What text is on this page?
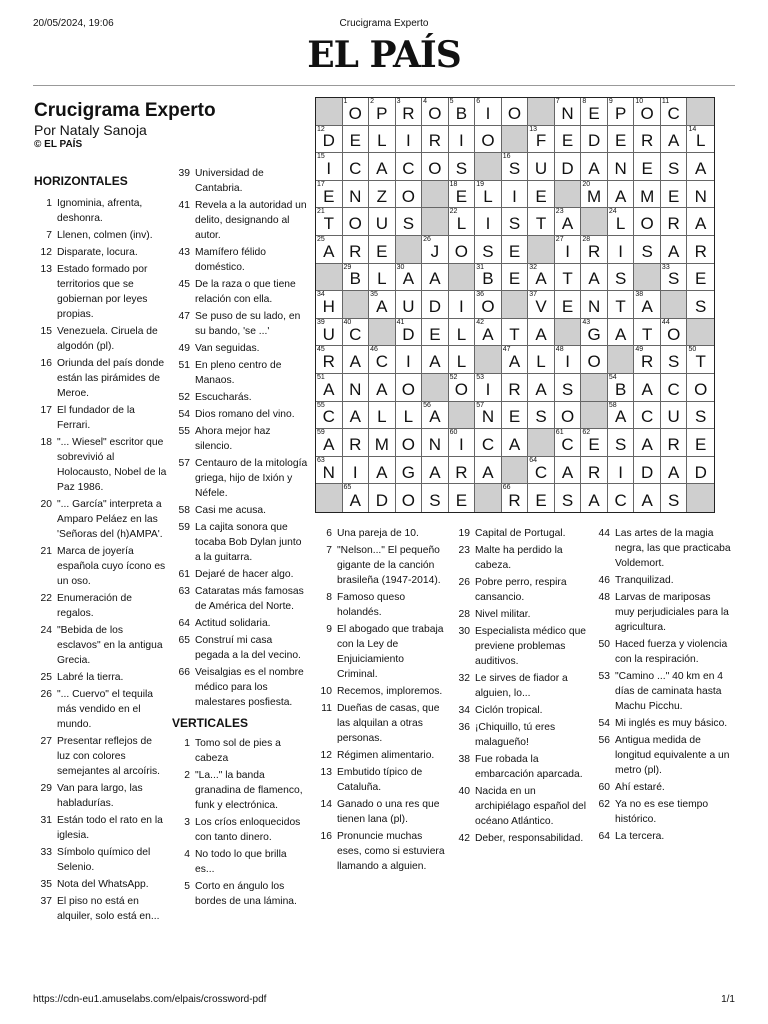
20/05/2024, 19:06	Crucigrama Experto
EL PAÍS
Crucigrama Experto
Por Nataly Sanoja
© EL PAÍS
HORIZONTALES
1 Ignominia, afrenta, deshonra.
7 Llenen, colmen (inv).
12 Disparate, locura.
13 Estado formado por territorios que se gobiernan por leyes propias.
15 Venezuela. Ciruela de algodón (pl).
16 Oriunda del país donde están las pirámides de Meroe.
17 El fundador de la Ferrari.
18 "... Wiesel" escritor que sobrevivió al Holocausto, Nobel de la Paz 1986.
20 "... García" interpreta a Amparo Peláez en las 'Señoras del (h)AMPA'.
21 Marca de joyería española cuyo ícono es un oso.
22 Enumeración de regalos.
24 "Bebida de los esclavos" en la antigua Grecia.
25 Labré la tierra.
26 "... Cuervo" el tequila más vendido en el mundo.
27 Presentar reflejos de luz con colores semejantes al arcoíris.
29 Van para largo, las habladurías.
31 Están todo el rato en la iglesia.
33 Símbolo químico del Selenio.
35 Nota del WhatsApp.
37 El piso no está en alquiler, solo está en...
39 Universidad de Cantabria.
41 Revela a la autoridad un delito, designando al autor.
43 Mamífero félido doméstico.
45 De la raza o que tiene relación con ella.
47 Se puso de su lado, en su bando, 'se ...'
49 Van seguidas.
51 En pleno centro de Manaos.
52 Escucharás.
54 Dios romano del vino.
55 Ahora mejor haz silencio.
57 Centauro de la mitología griega, hijo de Ixión y Néfele.
58 Casi me acusa.
59 La cajita sonora que tocaba Bob Dylan junto a la guitarra.
61 Dejaré de hacer algo.
63 Cataratas más famosas de América del Norte.
64 Actitud solidaria.
65 Construí mi casa pegada a la del vecino.
66 Veisalgias es el nombre médico para los malestares posfiesta.
VERTICALES
1 Tomo sol de pies a cabeza
2 "La..." la banda granadina de flamenco, funk y electrónica.
3 Los críos enloquecidos con tanto dinero.
4 No todo lo que brilla es...
5 Corto en ángulo los bordes de una lámina.
1
O
2
P
3
R
4
O
5
B
6
I O
7
N
8
E
9
P
10
O
11
C
12
D E L I R I O
13
F E D E R A
14
L
15
I C A C O S
16
S U D A N E S A
17
E N Z O
18
E
19
L I E
20
M A M E N
21
T O U S
22
L I S T
23
A
24
L O R A
25
A R E
26
J O S E
27
I
28
R I S A R
29
B L
30
A A
31
B E
32
A T A S
33
S E
34
H
35
A U D I
36
O
37
V E N T
38
A S
39
U
40
C
41
D E L
42
A T A
43
G A T
44
O
45
R A
46
C I A L
47
A L
48
I O
49
R S
50
T
51
A N A O
52
O
53
I R A S
54
B A C O
55
C A L L
56
A
57
N E S O
58
A C U S
59
A R M O N
60
I C A
61
C
62
E S A R E
63
N I A G A R A
64
C A R I D A D
65
A D O S E
66
R E S A C A S
6 Una pareja de 10.
7 "Nelson..." El pequeño gigante de la canción brasileña (1947-2014).
8 Famoso queso holandés.
9 El abogado que trabaja con la Ley de Enjuiciamiento Criminal.
10 Recemos, imploremos.
11 Dueñas de casas, que las alquilan a otras personas.
12 Régimen alimentario.
13 Embutido típico de Cataluña.
14 Ganado o una res que tienen lana (pl).
16 Pronuncie muchas eses, como si estuviera llamando a alguien.
19 Capital de Portugal.
23 Malte ha perdido la cabeza.
26 Pobre perro, respira cansancio.
28 Nivel militar.
30 Especialista médico que previene problemas auditivos.
32 Le sirves de fiador a alguien, lo...
34 Ciclón tropical.
36 ¡Chiquillo, tú eres malagueño!
38 Fue robada la embarcación aparcada.
40 Nacida en un archipiélago español del océano Atlántico.
42 Deber, responsabilidad.
44 Las artes de la magia negra, las que practicaba Voldemort.
46 Tranquilizad.
48 Larvas de mariposas muy perjudiciales para la agricultura.
50 Haced fuerza y violencia con la respiración.
53 "Camino ..." 40 km en 4 días de caminata hasta Machu Picchu.
54 Mi inglés es muy básico.
56 Antigua medida de longitud equivalente a un metro (pl).
60 Ahí estaré.
62 Ya no es ese tiempo histórico.
64 La tercera.
https://cdn-eu1.amuselabs.com/elpais/crossword-pdf	1/1
